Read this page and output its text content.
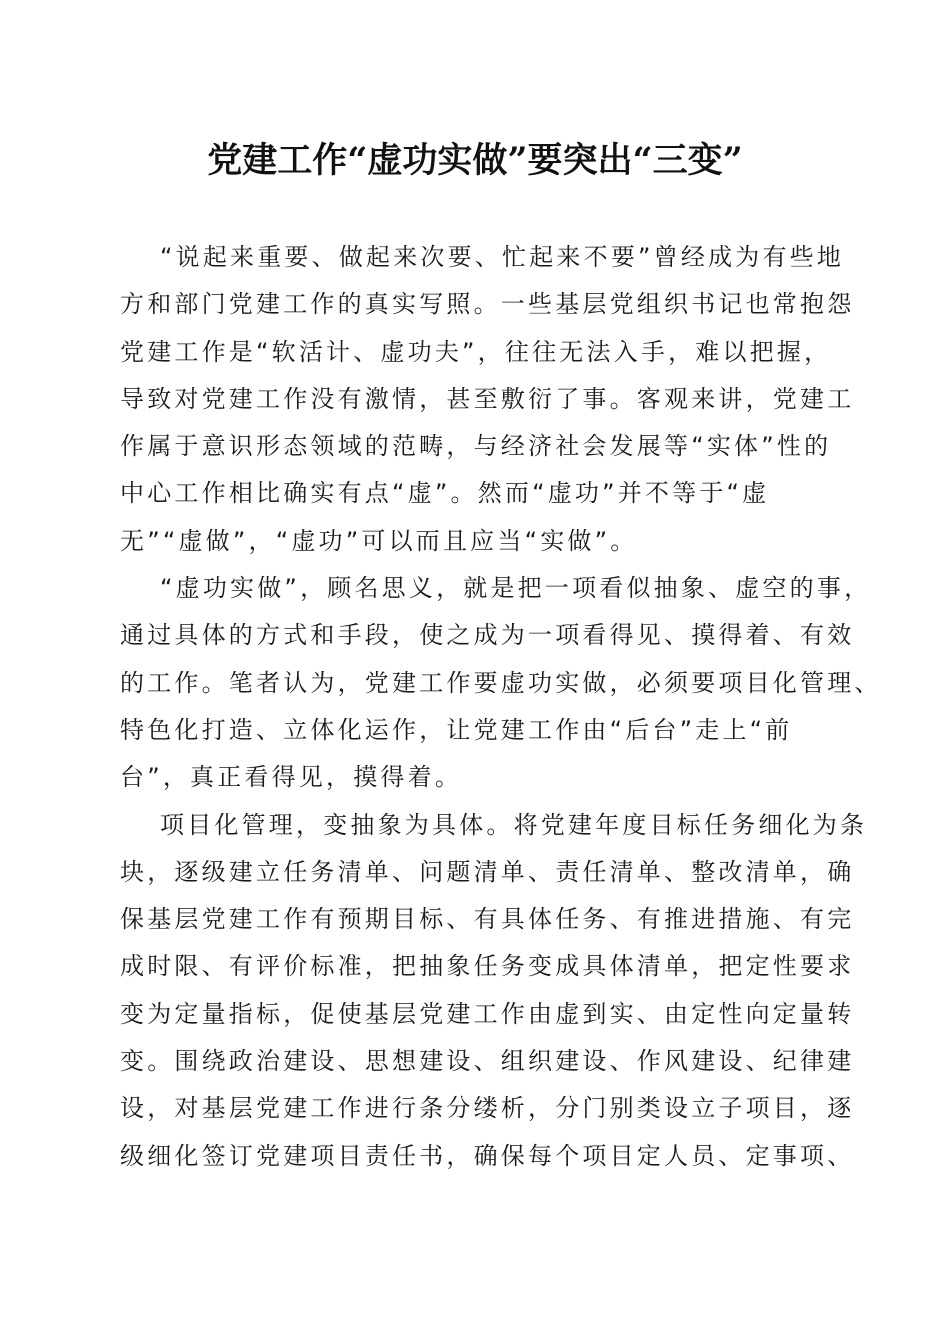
党建工作“虚功实做”要突出“三变”
“说起来重要、做起来次要、忙起来不要”曾经成为有些地
方和部门党建工作的真实写照。一些基层党组织书记也常抱怨
党建工作是“软活计、虚功夫”，往往无法入手，难以把握，
导致对党建工作没有激情，甚至敷衍了事。客观来讲，党建工
作属于意识形态领域的范畴，与经济社会发展等“实体”性的
中心工作相比确实有点“虚”。然而“虚功”并不等于“虚
无”“虚做”，“虚功”可以而且应当“实做”。
“虚功实做”，顾名思义，就是把一项看似抽象、虚空的事，
通过具体的方式和手段，使之成为一项看得见、摸得着、有效
的工作。笔者认为，党建工作要虚功实做，必须要项目化管理、
特色化打造、立体化运作，让党建工作由“后台”走上“前
台”，真正看得见，摸得着。
项目化管理，变抽象为具体。将党建年度目标任务细化为条
块，逐级建立任务清单、问题清单、责任清单、整改清单，确
保基层党建工作有预期目标、有具体任务、有推进措施、有完
成时限、有评价标准，把抽象任务变成具体清单，把定性要求
变为定量指标，促使基层党建工作由虚到实、由定性向定量转
变。围绕政治建设、思想建设、组织建设、作风建设、纪律建
设，对基层党建工作进行条分缕析，分门别类设立子项目，逐
级细化签订党建项目责任书，确保每个项目定人员、定事项、
